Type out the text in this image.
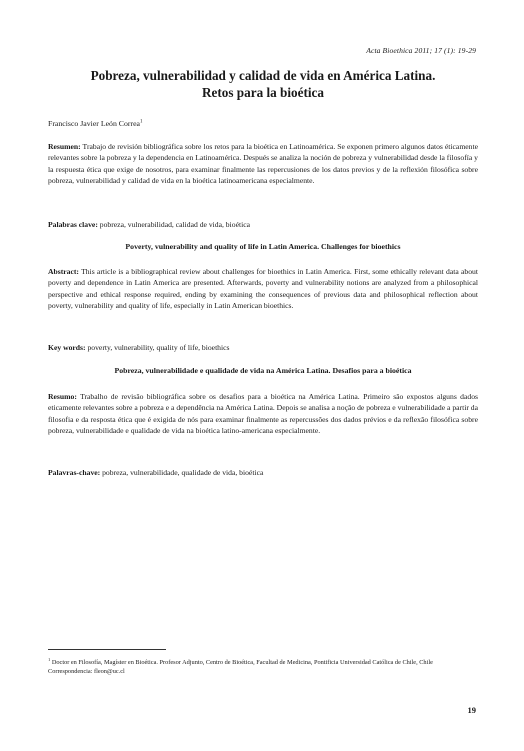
Acta Bioethica 2011; 17 (1): 19-29
Pobreza, vulnerabilidad y calidad de vida en América Latina.
Retos para la bioética
Francisco Javier León Correa$^1$
Resumen: Trabajo de revisión bibliográfica sobre los retos para la bioética en Latinoamérica. Se exponen primero algunos datos éticamente relevantes sobre la pobreza y la dependencia en Latinoamérica. Después se analiza la noción de pobreza y vulnerabilidad desde la filosofía y la respuesta ética que exige de nosotros, para examinar finalmente las repercusiones de los datos previos y de la reflexión filosófica sobre pobreza, vulnerabilidad y calidad de vida en la bioética latinoamericana especialmente.
Palabras clave: pobreza, vulnerabilidad, calidad de vida, bioética
Poverty, vulnerability and quality of life in Latin America. Challenges for bioethics
Abstract: This article is a bibliographical review about challenges for bioethics in Latin America. First, some ethically relevant data about poverty and dependence in Latin America are presented. Afterwards, poverty and vulnerability notions are analyzed from a philosophical perspective and ethical response required, ending by examining the consequences of previous data and philosophical reflection about poverty, vulnerability and quality of life, especially in Latin American bioethics.
Key words: poverty, vulnerability, quality of life, bioethics
Pobreza, vulnerabilidade e qualidade de vida na América Latina. Desafios para a bioética
Resumo: Trabalho de revisão bibliográfica sobre os desafios para a bioética na América Latina. Primeiro são expostos alguns dados eticamente relevantes sobre a pobreza e a dependência na América Latina. Depois se analisa a noção de pobreza e vulnerabilidade a partir da filosofia e da resposta ética que é exigida de nós para examinar finalmente as repercussões dos dados prévios e da reflexão filosófica sobre pobreza, vulnerabilidade e qualidade de vida na bioética latino-americana especialmente.
Palavras-chave: pobreza, vulnerabilidade, qualidade de vida, bioética
$^1$ Doctor en Filosofía, Magíster en Bioética. Profesor Adjunto, Centro de Bioética, Facultad de Medicina, Pontificia Universidad Católica de Chile, Chile
Correspondencia: fleon@uc.cl
19
